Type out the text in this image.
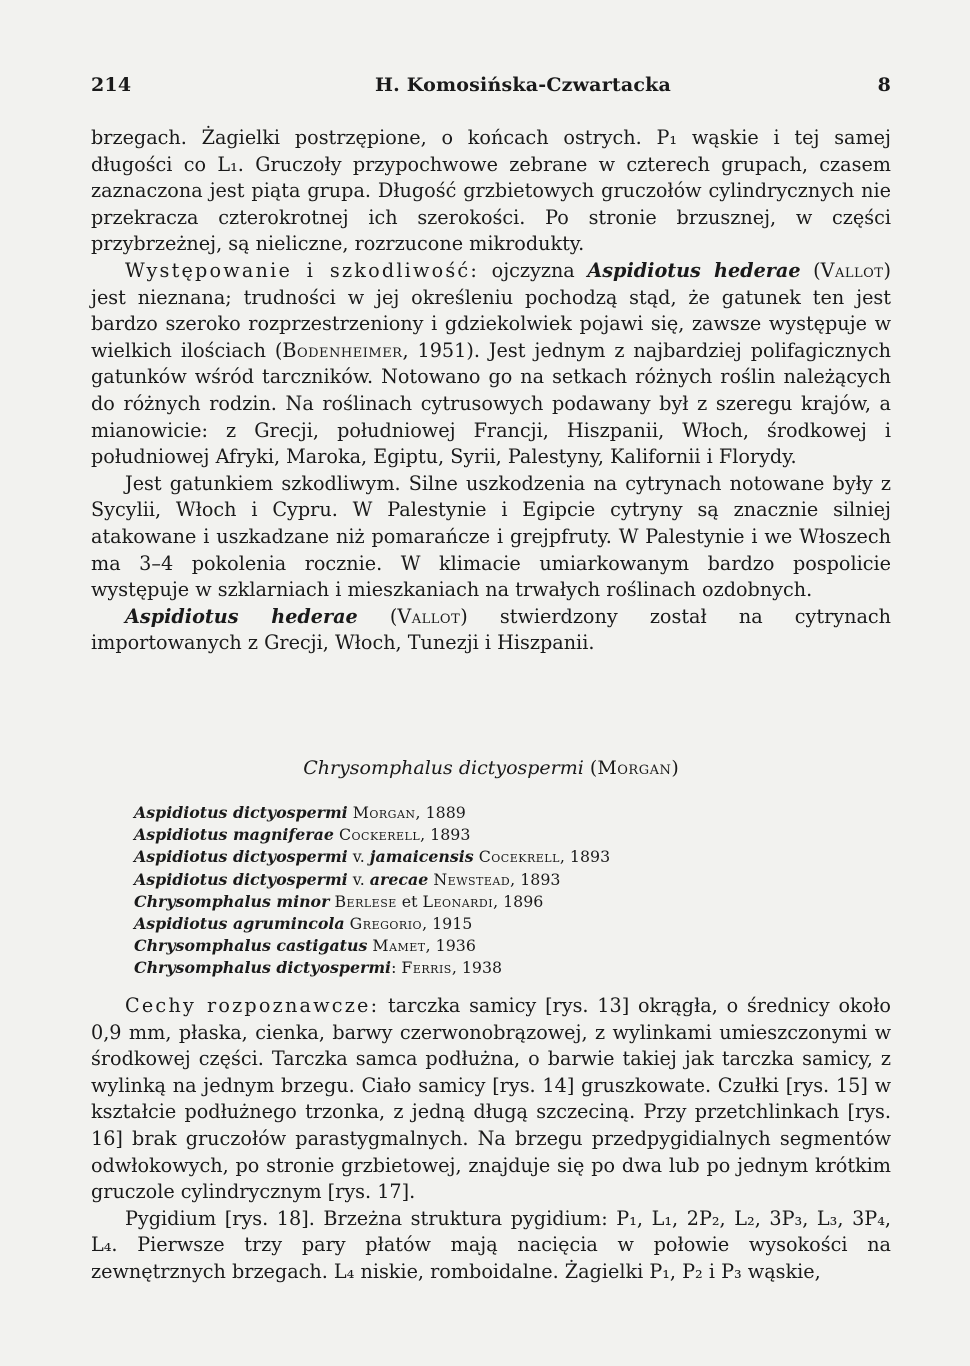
214	H. Komosińska-Czwartacka	8

brzegach. Żagielki postrzępione, o końcach ostrych. P₁ wąskie i tej samej długości co L₁. Gruczoły przypochwowe zebrane w czterech grupach, czasem zaznaczona jest piąta grupa. Długość grzbietowych gruczołów cylindrycznych nie przekracza czterokrotnej ich szerokości. Po stronie brzusznej, w części przybrzeżnej, są nieliczne, rozrzucone mikrodukty.

Występowanie i szkodliwość: ojczyzna Aspidiotus hederae (Vallot) jest nieznana; trudności w jej określeniu pochodzą stąd, że gatunek ten jest bardzo szeroko rozprzestrzeniony i gdziekolwiek pojawi się, zawsze występuje w wielkich ilościach (Bodenheimer, 1951). Jest jednym z najbardziej polifagicznych gatunków wśród tarczników. Notowano go na setkach różnych roślin należących do różnych rodzin. Na roślinach cytrusowych podawany był z szeregu krajów, a mianowicie: z Grecji, południowej Francji, Hiszpanii, Włoch, środkowej i południowej Afryki, Maroka, Egiptu, Syrii, Palestyny, Kalifornii i Florydy.

Jest gatunkiem szkodliwym. Silne uszkodzenia na cytrynach notowane były z Sycylii, Włoch i Cypru. W Palestynie i Egipcie cytryny są znacznie silniej atakowane i uszkadzane niż pomarańcze i grejpfruty. W Palestynie i we Włoszech ma 3–4 pokolenia rocznie. W klimacie umiarkowanym bardzo pospolicie występuje w szklarniach i mieszkaniach na trwałych roślinach ozdobnych.

Aspidiotus hederae (Vallot) stwierdzony został na cytrynach importowanych z Grecji, Włoch, Tunezji i Hiszpanii.

Chrysomphalus dictyospermi (Morgan)
Aspidiotus dictyospermi Morgan, 1889
Aspidiotus magniferae Cockerell, 1893
Aspidiotus dictyospermi v. jamaicensis Cocekrell, 1893
Aspidiotus dictyospermi v. arecae Newstead, 1893
Chrysomphalus minor Berlese et Leonardi, 1896
Aspidiotus agrumincola Gregorio, 1915
Chrysomphalus castigatus Mamet, 1936
Chrysomphalus dictyospermi: Ferris, 1938

Cechy rozpoznawcze: tarczka samicy [rys. 13] okrągła, o średnicy około 0,9 mm, płaska, cienka, barwy czerwonobrązowej, z wylinkami umieszczonymi w środkowej części. Tarczka samca podłużna, o barwie takiej jak tarczka samicy, z wylinką na jednym brzegu. Ciało samicy [rys. 14] gruszkowate. Czułki [rys. 15] w kształcie podłużnego trzonka, z jedną długą szczeciną. Przy przetchlinkach [rys. 16] brak gruczołów parastygmalnych. Na brzegu przedpygidialnych segmentów odwłokowych, po stronie grzbietowej, znajduje się po dwa lub po jednym krótkim gruczole cylindrycznym [rys. 17].

Pygidium [rys. 18]. Brzeżna struktura pygidium: P₁, L₁, 2P₂, L₂, 3P₃, L₃, 3P₄, L₄. Pierwsze trzy pary płatów mają nacięcia w połowie wysokości na zewnętrznych brzegach. L₄ niskie, romboidalne. Żagielki P₁, P₂ i P₃ wąskie,
